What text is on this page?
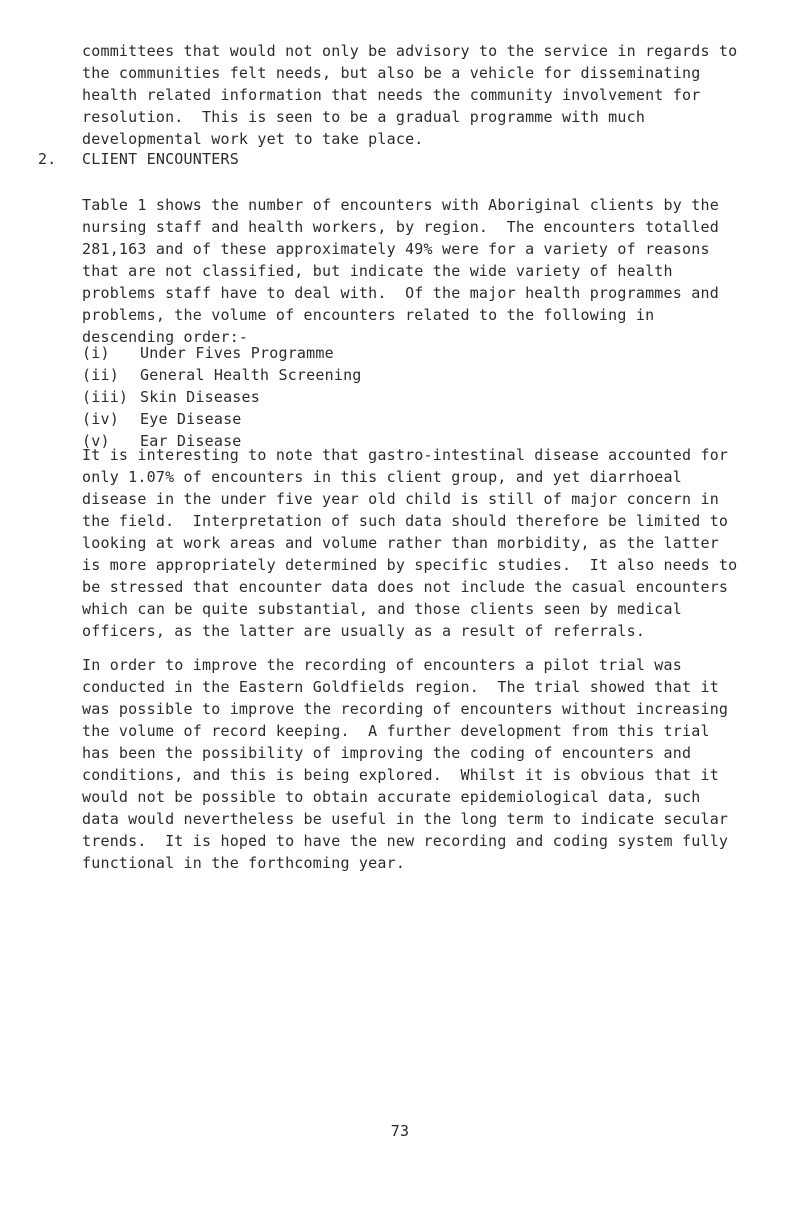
committees that would not only be advisory to the service in regards to
the communities felt needs, but also be a vehicle for disseminating
health related information that needs the community involvement for
resolution.  This is seen to be a gradual programme with much
developmental work yet to take place.
2. CLIENT ENCOUNTERS
Table 1 shows the number of encounters with Aboriginal clients by the
nursing staff and health workers, by region.  The encounters totalled
281,163 and of these approximately 49% were for a variety of reasons
that are not classified, but indicate the wide variety of health
problems staff have to deal with.  Of the major health programmes and
problems, the volume of encounters related to the following in
descending order:-
(i) Under Fives Programme
(ii) General Health Screening
(iii) Skin Diseases
(iv) Eye Disease
(v) Ear Disease
It is interesting to note that gastro-intestinal disease accounted for
only 1.07% of encounters in this client group, and yet diarrhoeal
disease in the under five year old child is still of major concern in
the field.  Interpretation of such data should therefore be limited to
looking at work areas and volume rather than morbidity, as the latter
is more appropriately determined by specific studies.  It also needs to
be stressed that encounter data does not include the casual encounters
which can be quite substantial, and those clients seen by medical
officers, as the latter are usually as a result of referrals.
In order to improve the recording of encounters a pilot trial was
conducted in the Eastern Goldfields region.  The trial showed that it
was possible to improve the recording of encounters without increasing
the volume of record keeping.  A further development from this trial
has been the possibility of improving the coding of encounters and
conditions, and this is being explored.  Whilst it is obvious that it
would not be possible to obtain accurate epidemiological data, such
data would nevertheless be useful in the long term to indicate secular
trends.  It is hoped to have the new recording and coding system fully
functional in the forthcoming year.
73
